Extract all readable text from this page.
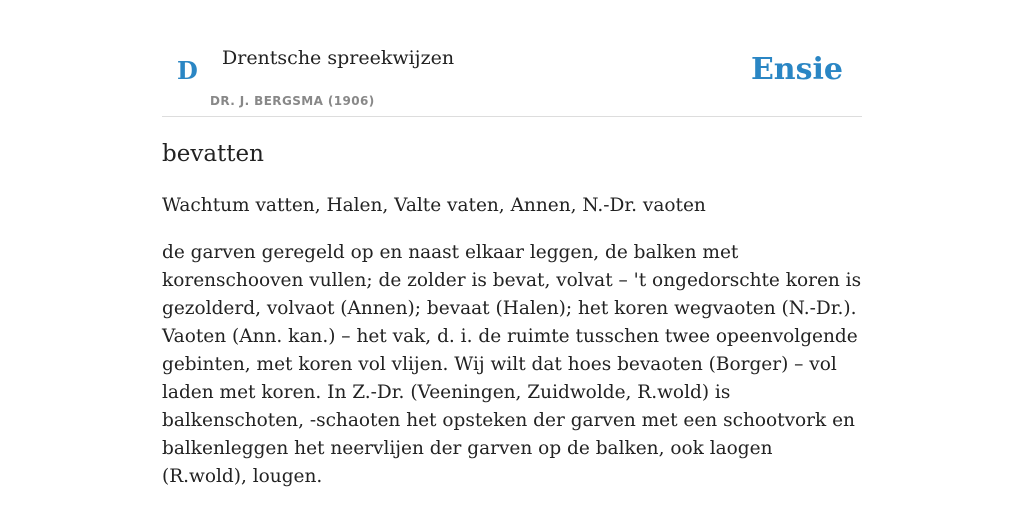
D Drentsche spreekwijzen
DR. J. BERGSMA (1906)
Ensie
bevatten

Wachtum vatten, Halen, Valte vaten, Annen, N.-Dr. vaoten

de garven geregeld op en naast elkaar leggen, de balken met korenschooven vullen; de zolder is bevat, volvat – 't ongedorschte koren is gezolderd, volvaot (Annen); bevaat (Halen); het koren wegvaoten (N.-Dr.). Vaoten (Ann. kan.) – het vak, d. i. de ruimte tusschen twee opeenvolgende gebinten, met koren vol vlijen. Wij wilt dat hoes bevaoten (Borger) – vol laden met koren. In Z.-Dr. (Veeningen, Zuidwolde, R.wold) is balkenschoten, -schaoten het opsteken der garven met een schootvork en balkenleggen het neervlijen der garven op de balken, ook laogen (R.wold), lougen.
